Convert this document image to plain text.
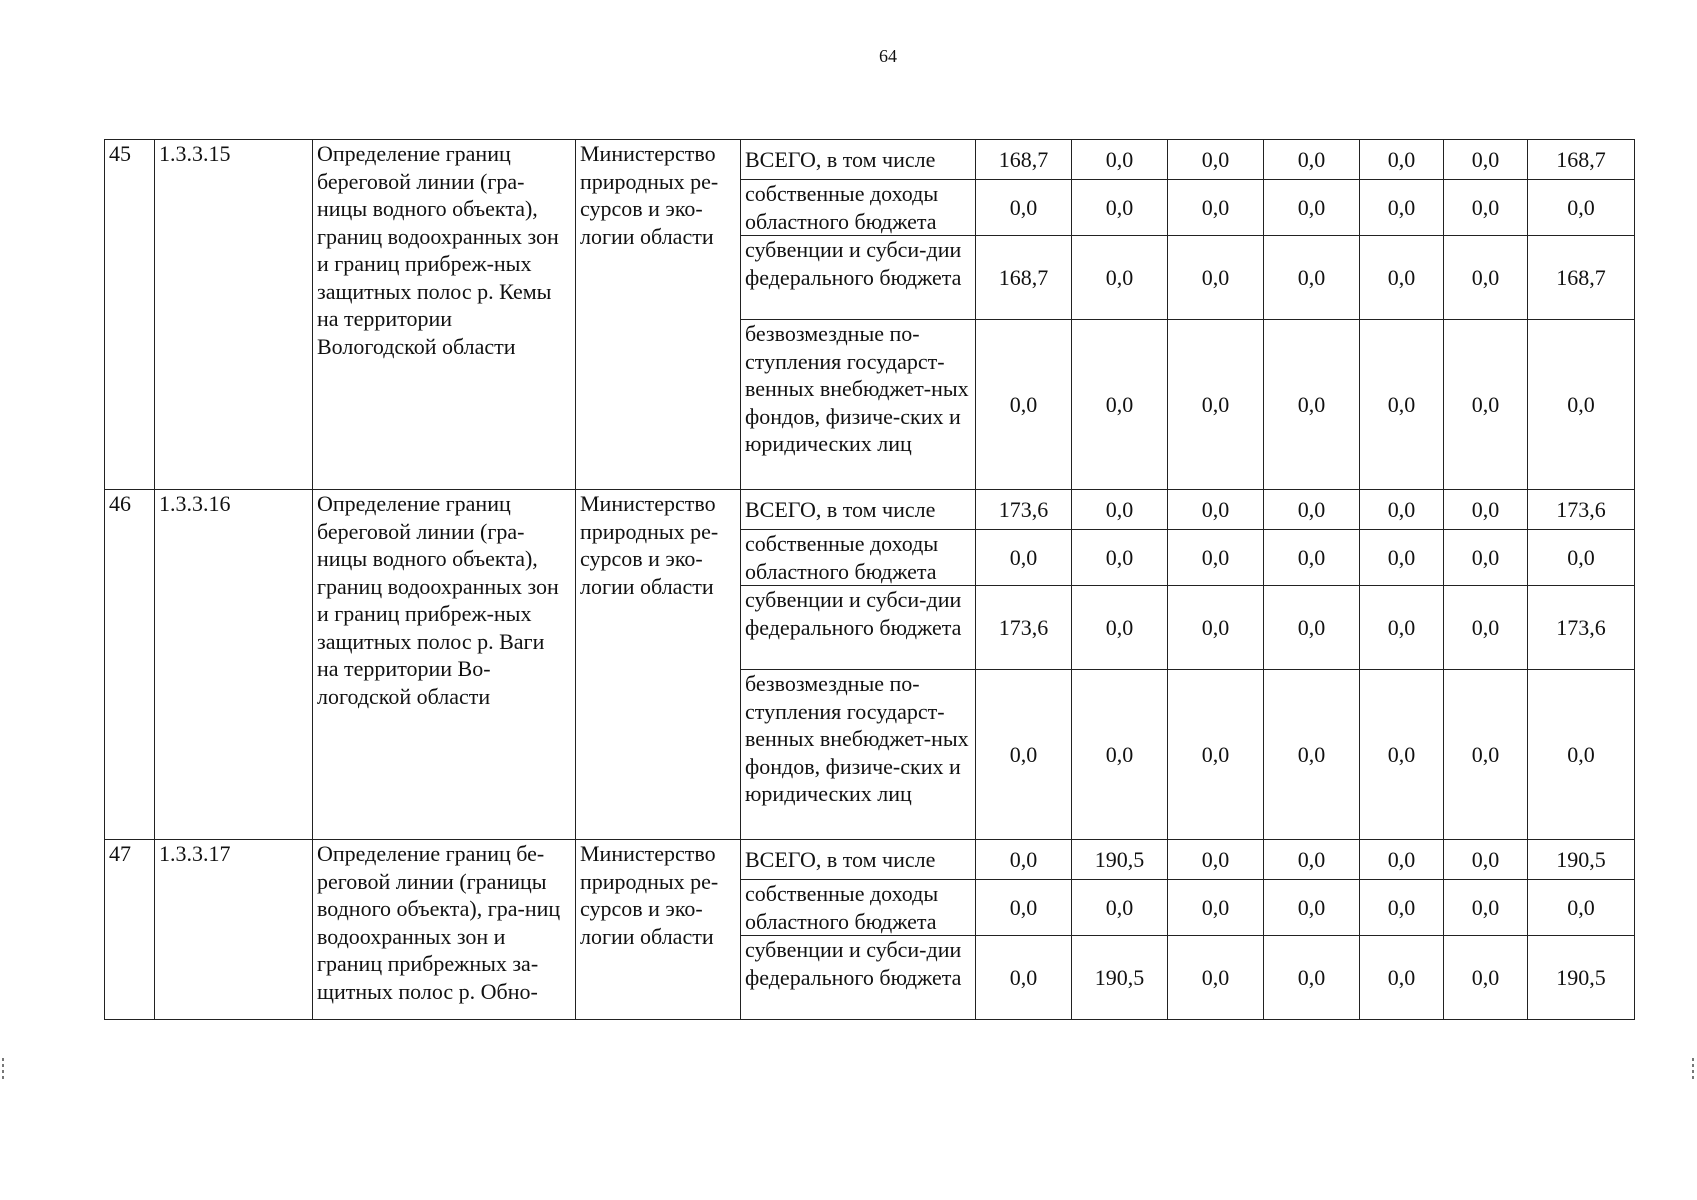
64
45	1.3.3.15	Определение границ береговой линии (гра-ницы водного объекта), границ водоохранных зон и границ прибреж-ных защитных полос р. Кемы на территории Вологодской области	Министерство природных ре-сурсов и эко-логии области	ВСЕГО, в том числе	168,7	0,0	0,0	0,0	0,0	0,0	168,7
				собственные доходы областного бюджета	0,0	0,0	0,0	0,0	0,0	0,0	0,0
				субвенции и субси-дии федерального бюджета	168,7	0,0	0,0	0,0	0,0	0,0	168,7
				безвозмездные по-ступления государст-венных внебюджет-ных фондов, физиче-ских и юридических лиц	0,0	0,0	0,0	0,0	0,0	0,0	0,0
46	1.3.3.16	Определение границ береговой линии (гра-ницы водного объекта), границ водоохранных зон и границ прибреж-ных защитных полос р. Ваги на территории Во-логодской области	Министерство природных ре-сурсов и эко-логии области	ВСЕГО, в том числе	173,6	0,0	0,0	0,0	0,0	0,0	173,6
				собственные доходы областного бюджета	0,0	0,0	0,0	0,0	0,0	0,0	0,0
				субвенции и субси-дии федерального бюджета	173,6	0,0	0,0	0,0	0,0	0,0	173,6
				безвозмездные по-ступления государст-венных внебюджет-ных фондов, физиче-ских и юридических лиц	0,0	0,0	0,0	0,0	0,0	0,0	0,0
47	1.3.3.17	Определение границ бе-реговой линии (границы водного объекта), гра-ниц водоохранных зон и границ прибрежных за-щитных полос р. Обно-	Министерство природных ре-сурсов и эко-логии области	ВСЕГО, в том числе	0,0	190,5	0,0	0,0	0,0	0,0	190,5
				собственные доходы областного бюджета	0,0	0,0	0,0	0,0	0,0	0,0	0,0
				субвенции и субси-дии федерального бюджета	0,0	190,5	0,0	0,0	0,0	0,0	190,5
